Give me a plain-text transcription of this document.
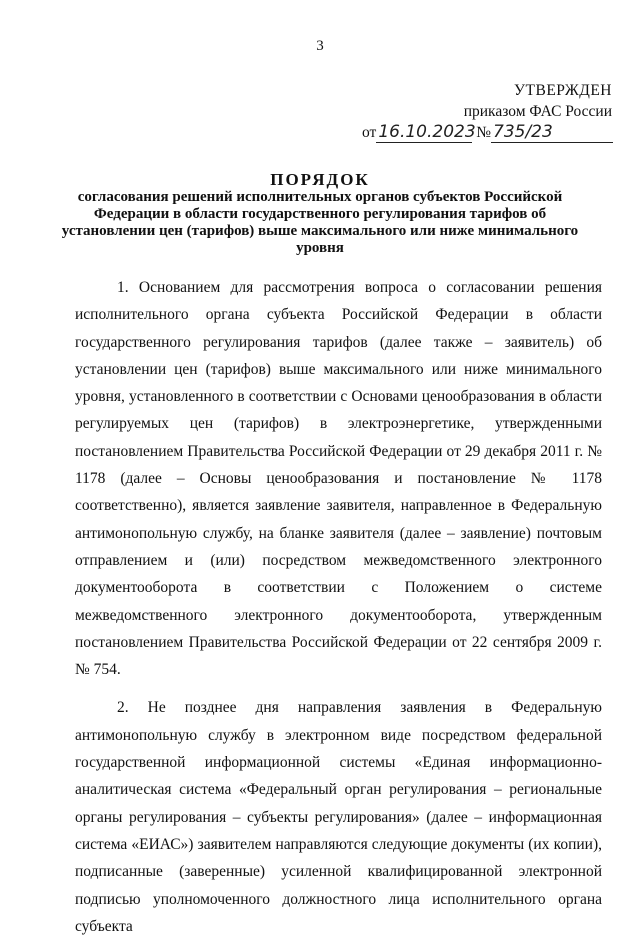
3
УТВЕРЖДЕН
приказом ФАС России
от 16.10.2023 № 735/23
ПОРЯДОК
согласования решений исполнительных органов субъектов Российской Федерации в области государственного регулирования тарифов об установлении цен (тарифов) выше максимального или ниже минимального уровня

1. Основанием для рассмотрения вопроса о согласовании решения исполнительного органа субъекта Российской Федерации в области государственного регулирования тарифов (далее также – заявитель) об установлении цен (тарифов) выше максимального или ниже минимального уровня, установленного в соответствии с Основами ценообразования в области регулируемых цен (тарифов) в электроэнергетике, утвержденными постановлением Правительства Российской Федерации от 29 декабря 2011 г. № 1178 (далее – Основы ценообразования и постановление № 1178 соответственно), является заявление заявителя, направленное в Федеральную антимонопольную службу, на бланке заявителя (далее – заявление) почтовым отправлением и (или) посредством межведомственного электронного документооборота в соответствии с Положением о системе межведомственного электронного документооборота, утвержденным постановлением Правительства Российской Федерации от 22 сентября 2009 г. № 754.

2. Не позднее дня направления заявления в Федеральную антимонопольную службу в электронном виде посредством федеральной государственной информационной системы «Единая информационно-аналитическая система «Федеральный орган регулирования – региональные органы регулирования – субъекты регулирования» (далее – информационная система «ЕИАС») заявителем направляются следующие документы (их копии), подписанные (заверенные) усиленной квалифицированной электронной подписью уполномоченного должностного лица исполнительного органа субъекта
